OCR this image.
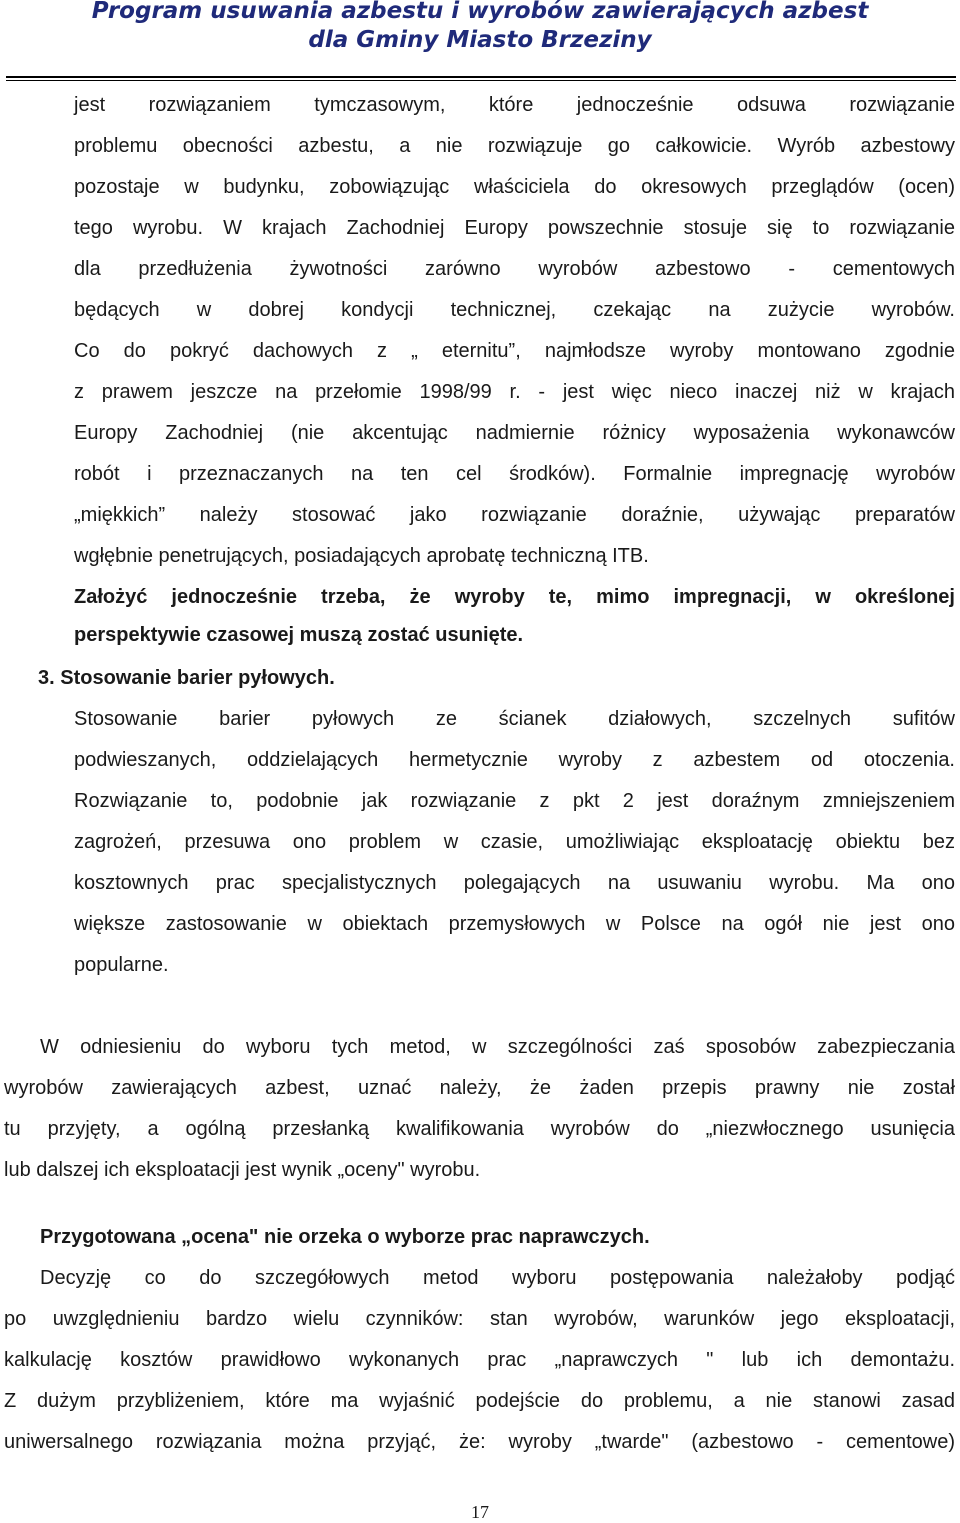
Program usuwania azbestu i wyrobów zawierających azbest
dla Gminy Miasto Brzeziny
jest rozwiązaniem tymczasowym, które jednocześnie odsuwa rozwiązanie
problemu obecności azbestu, a nie rozwiązuje go całkowicie. Wyrób azbestowy
pozostaje w budynku, zobowiązując właściciela do okresowych przeglądów (ocen)
tego wyrobu. W krajach Zachodniej Europy powszechnie stosuje się to rozwiązanie
dla przedłużenia żywotności zarówno wyrobów azbestowo - cementowych
będących w dobrej kondycji technicznej, czekając na zużycie wyrobów.
Co do pokryć dachowych z „ eternitu”, najmłodsze wyroby montowano zgodnie
z prawem jeszcze na przełomie 1998/99 r. - jest więc nieco inaczej niż w krajach
Europy Zachodniej (nie akcentując nadmiernie różnicy wyposażenia wykonawców
robót i przeznaczanych na ten cel środków). Formalnie impregnację wyrobów
„miękkich” należy stosować jako rozwiązanie doraźnie, używając preparatów
wgłębnie penetrujących, posiadających aprobatę techniczną ITB.
Założyć jednocześnie trzeba, że wyroby te, mimo impregnacji, w określonej
perspektywie czasowej muszą zostać usunięte.
3. Stosowanie barier pyłowych.
Stosowanie barier pyłowych ze ścianek działowych, szczelnych sufitów
podwieszanych, oddzielających hermetycznie wyroby z azbestem od otoczenia.
Rozwiązanie to, podobnie jak rozwiązanie z pkt 2 jest doraźnym zmniejszeniem
zagrożeń, przesuwa ono problem w czasie, umożliwiając eksploatację obiektu bez
kosztownych prac specjalistycznych polegających na usuwaniu wyrobu. Ma ono
większe zastosowanie w obiektach przemysłowych w Polsce na ogół nie jest ono
popularne.
W odniesieniu do wyboru tych metod, w szczególności zaś sposobów zabezpieczania
wyrobów zawierających azbest, uznać należy, że żaden przepis prawny nie został
tu przyjęty, a ogólną przesłanką kwalifikowania wyrobów do „niezwłocznego usunięcia
lub dalszej ich eksploatacji jest wynik „oceny" wyrobu.
Przygotowana „ocena" nie orzeka o wyborze prac naprawczych.
Decyzję co do szczegółowych metod wyboru postępowania należałoby podjąć
po uwzględnieniu bardzo wielu czynników: stan wyrobów, warunków jego eksploatacji,
kalkulację kosztów prawidłowo wykonanych prac „naprawczych " lub ich demontażu.
Z dużym przybliżeniem, które ma wyjaśnić podejście do problemu, a nie stanowi zasad
uniwersalnego rozwiązania można przyjąć, że: wyroby „twarde" (azbestowo - cementowe)
17
